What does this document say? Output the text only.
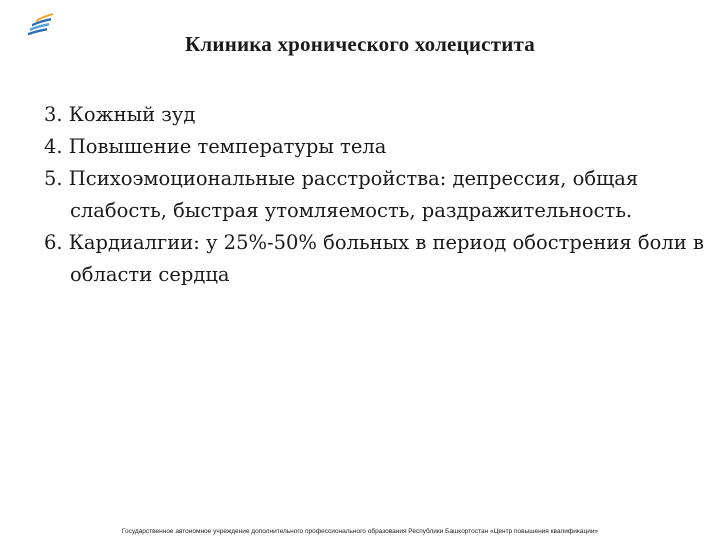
Клиника хронического холецистита
3. Кожный зуд
4. Повышение температуры тела
5. Психоэмоциональные расстройства: депрессия, общая слабость, быстрая утомляемость, раздражительность.
6. Кардиалгии: у 25%-50% больных в период обострения боли в области сердца
Государственное автономное учреждение дополнительного профессионального образования Республики Башкортостан «Центр повышения квалификации»
